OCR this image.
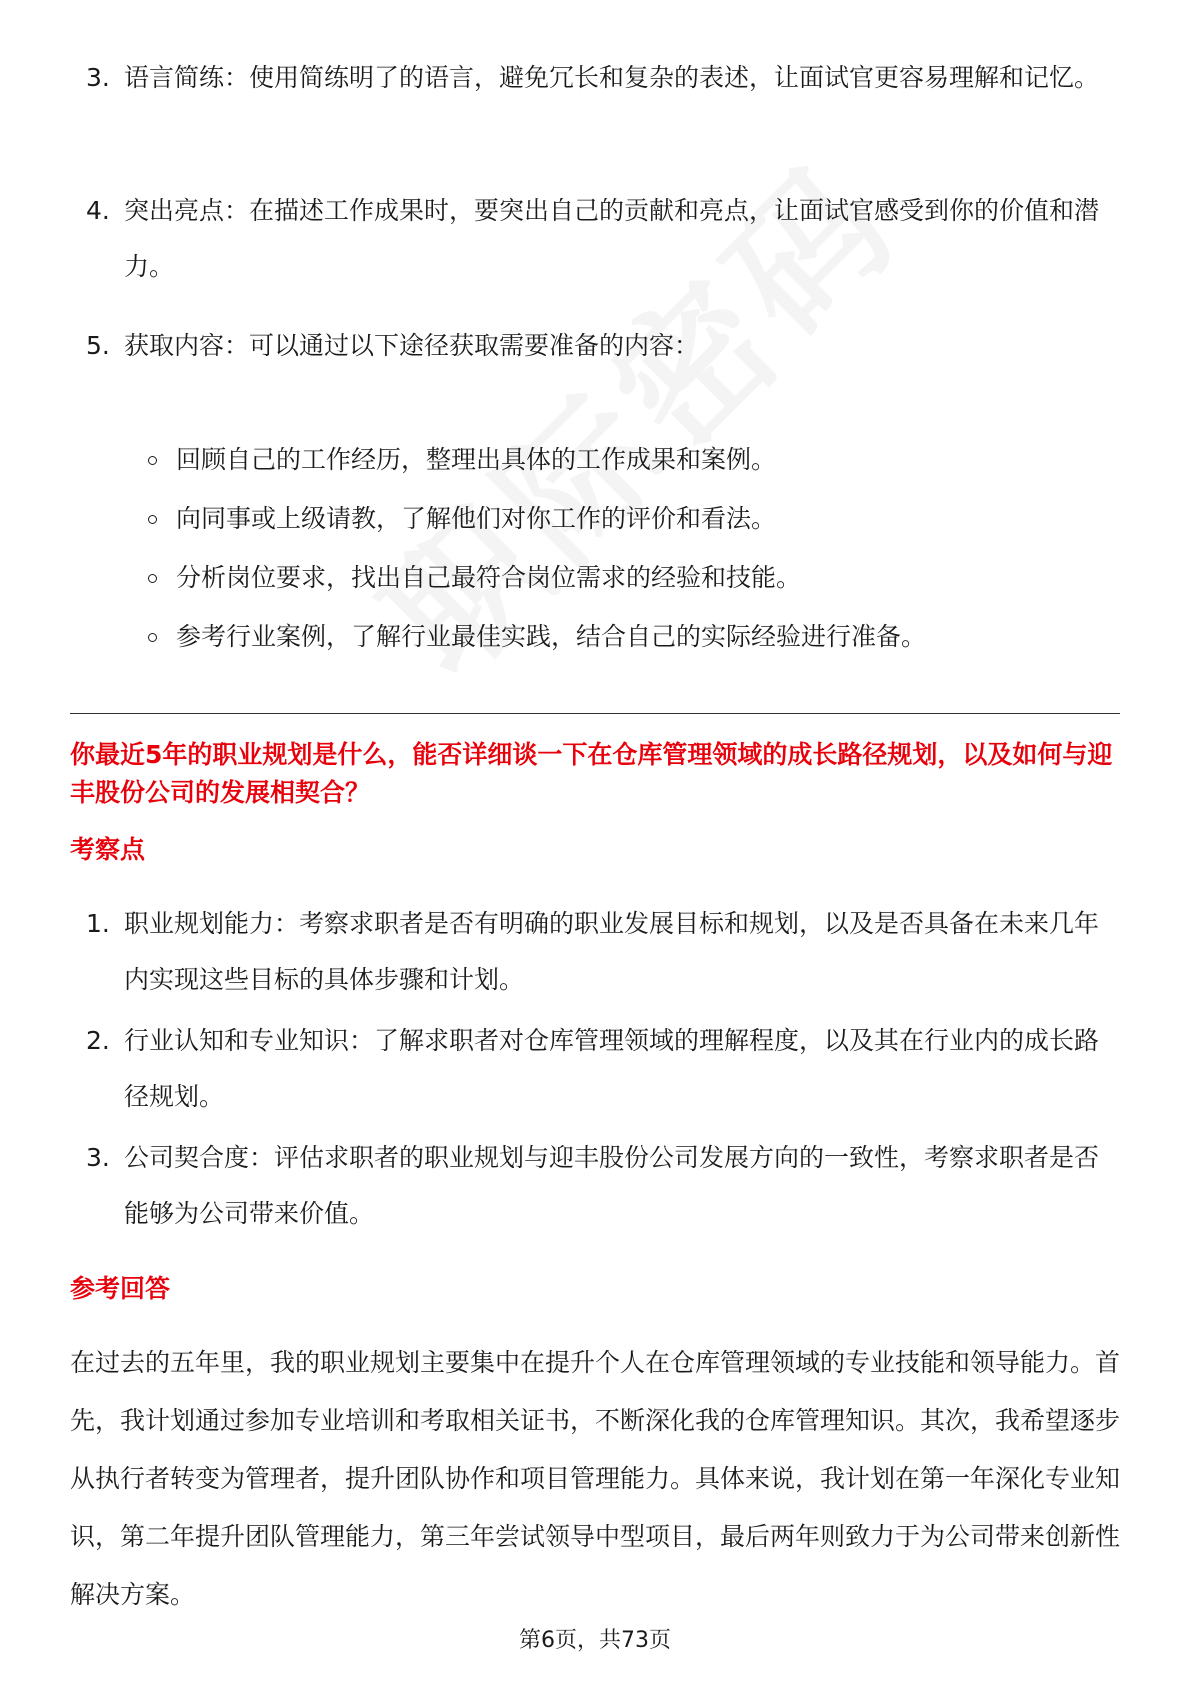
3. 语言简练：使用简练明了的语言，避免冗长和复杂的表述，让面试官更容易理解和记忆。
4. 突出亮点：在描述工作成果时，要突出自己的贡献和亮点，让面试官感受到你的价值和潜力。
5. 获取内容：可以通过以下途径获取需要准备的内容：
回顾自己的工作经历，整理出具体的工作成果和案例。
向同事或上级请教，了解他们对你工作的评价和看法。
分析岗位要求，找出自己最符合岗位需求的经验和技能。
参考行业案例，了解行业最佳实践，结合自己的实际经验进行准备。
你最近5年的职业规划是什么，能否详细谈一下在仓库管理领域的成长路径规划，以及如何与迎丰股份公司的发展相契合？
考察点
1. 职业规划能力：考察求职者是否有明确的职业发展目标和规划，以及是否具备在未来几年内实现这些目标的具体步骤和计划。
2. 行业认知和专业知识：了解求职者对仓库管理领域的理解程度，以及其在行业内的成长路径规划。
3. 公司契合度：评估求职者的职业规划与迎丰股份公司发展方向的一致性，考察求职者是否能够为公司带来价值。
参考回答
在过去的五年里，我的职业规划主要集中在提升个人在仓库管理领域的专业技能和领导能力。首先，我计划通过参加专业培训和考取相关证书，不断深化我的仓库管理知识。其次，我希望逐步从执行者转变为管理者，提升团队协作和项目管理能力。具体来说，我计划在第一年深化专业知识，第二年提升团队管理能力，第三年尝试领导中型项目，最后两年则致力于为公司带来创新性解决方案。
第6页，共73页
